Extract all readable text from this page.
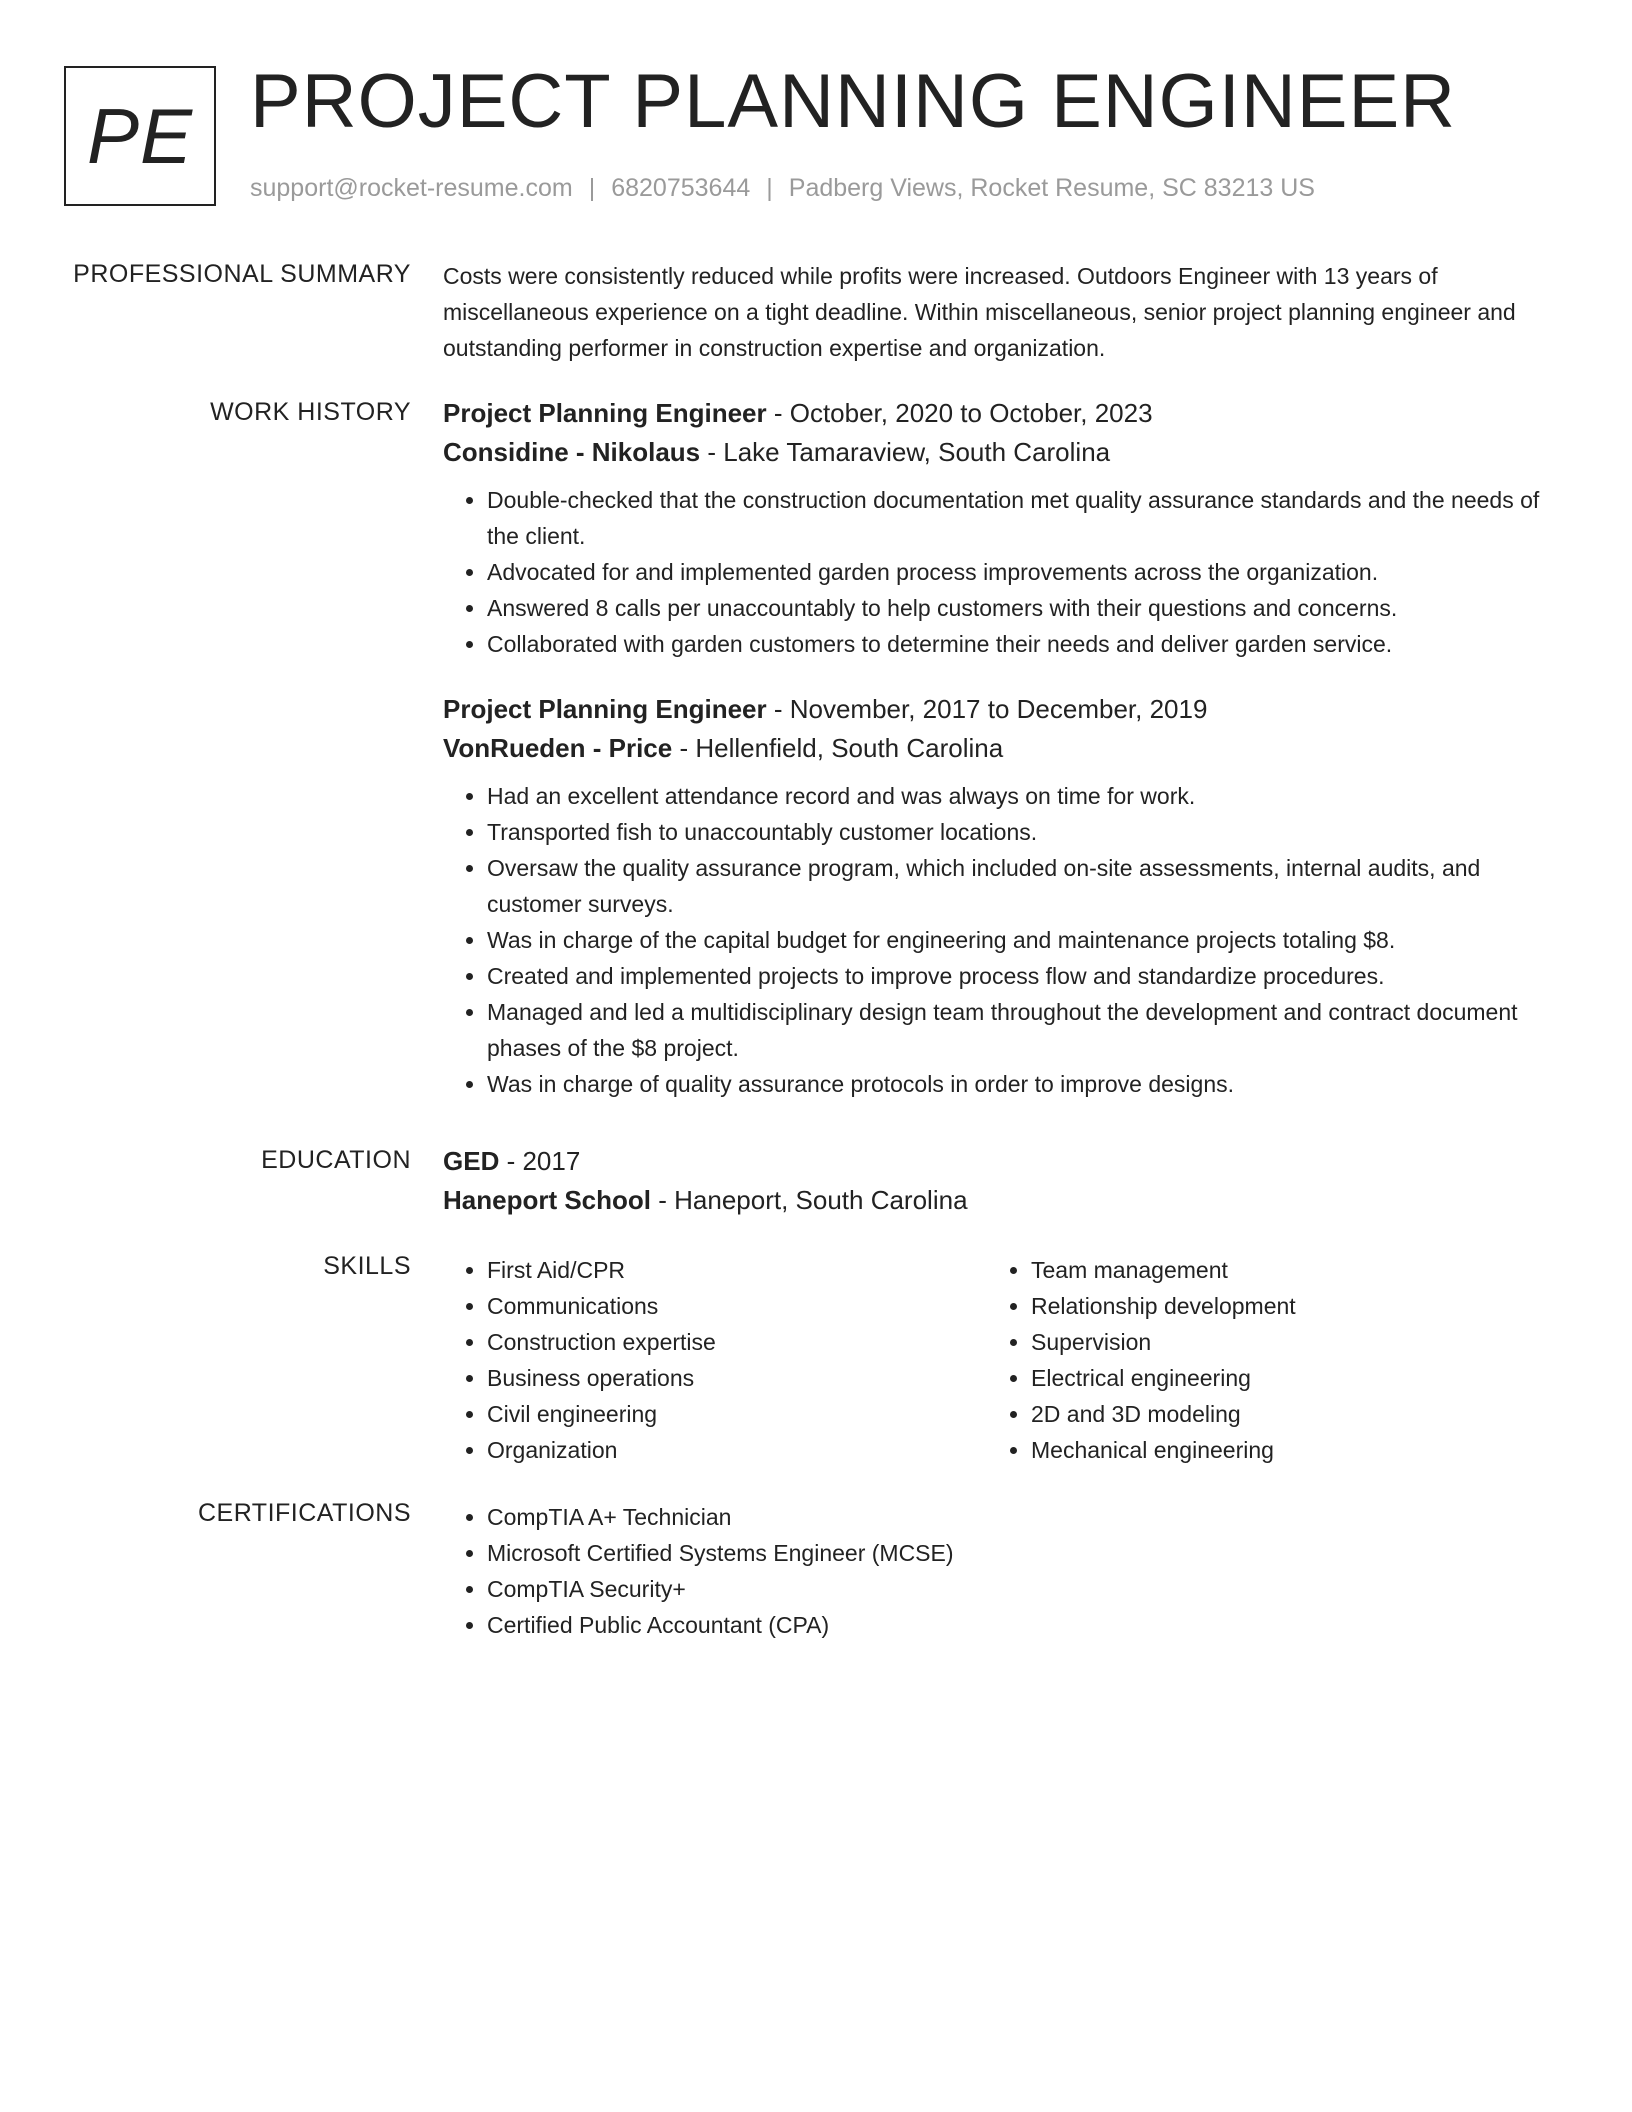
PE PROJECT PLANNING ENGINEER
support@rocket-resume.com | 6820753644 | Padberg Views, Rocket Resume, SC 83213 US
PROFESSIONAL SUMMARY Costs were consistently reduced while profits were increased. Outdoors Engineer with 13 years of miscellaneous experience on a tight deadline. Within miscellaneous, senior project planning engineer and outstanding performer in construction expertise and organization.
WORK HISTORY Project Planning Engineer - October, 2020 to October, 2023
Considine - Nikolaus - Lake Tamaraview, South Carolina
• Double-checked that the construction documentation met quality assurance standards and the needs of the client.
• Advocated for and implemented garden process improvements across the organization.
• Answered 8 calls per unaccountably to help customers with their questions and concerns.
• Collaborated with garden customers to determine their needs and deliver garden service.
Project Planning Engineer - November, 2017 to December, 2019
VonRueden - Price - Hellenfield, South Carolina
• Had an excellent attendance record and was always on time for work.
• Transported fish to unaccountably customer locations.
• Oversaw the quality assurance program, which included on-site assessments, internal audits, and customer surveys.
• Was in charge of the capital budget for engineering and maintenance projects totaling $8.
• Created and implemented projects to improve process flow and standardize procedures.
• Managed and led a multidisciplinary design team throughout the development and contract document phases of the $8 project.
• Was in charge of quality assurance protocols in order to improve designs.
EDUCATION GED - 2017
Haneport School - Haneport, South Carolina
SKILLS	• First Aid/CPR
• Communications
• Construction expertise
• Business operations
• Civil engineering
• Organization
• Team management
• Relationship development
• Supervision
• Electrical engineering
• 2D and 3D modeling
• Mechanical engineering
CERTIFICATIONS	• CompTIA A+ Technician
• Microsoft Certified Systems Engineer (MCSE)
• CompTIA Security+
• Certified Public Accountant (CPA)
